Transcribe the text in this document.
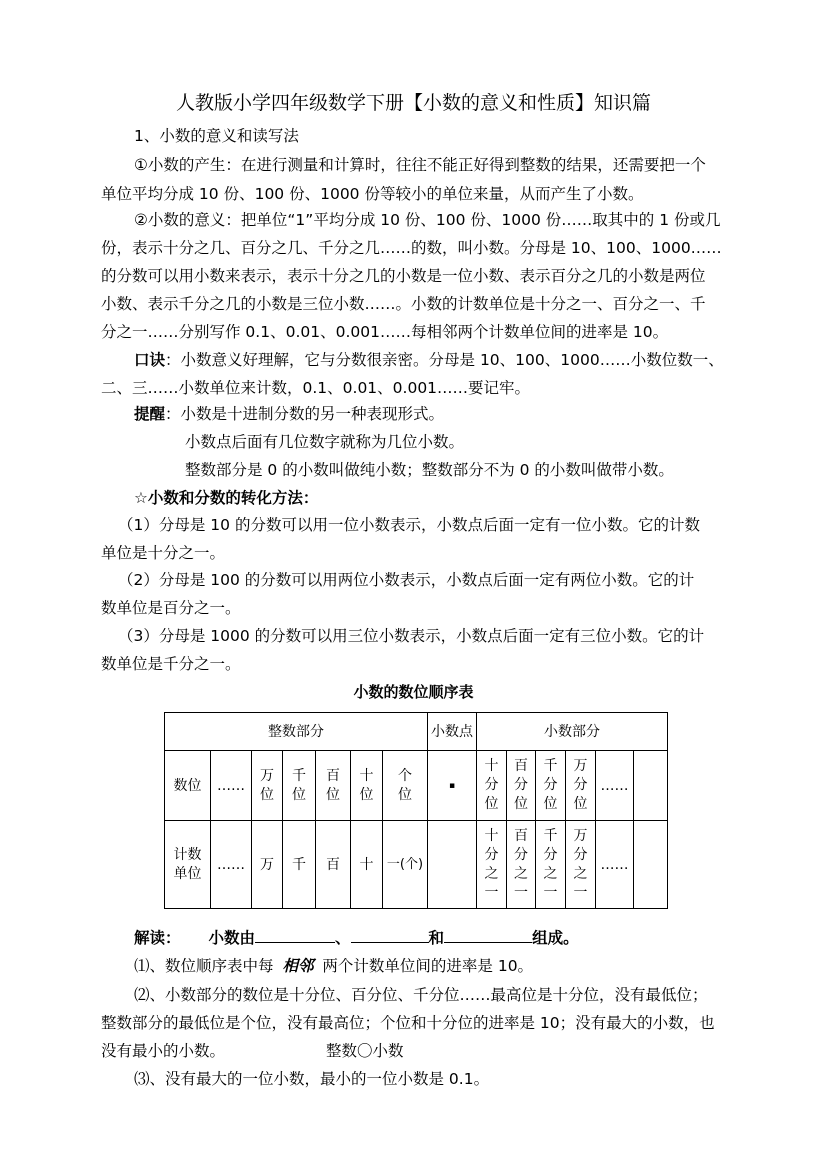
人教版小学四年级数学下册【小数的意义和性质】知识篇
1、小数的意义和读写法
①小数的产生：在进行测量和计算时，往往不能正好得到整数的结果，还需要把一个
单位平均分成 10 份、100 份、1000 份等较小的单位来量，从而产生了小数。
②小数的意义：把单位“1”平均分成 10 份、100 份、1000 份……取其中的 1 份或几
份，表示十分之几、百分之几、千分之几……的数，叫小数。分母是 10、100、1000……
的分数可以用小数来表示，表示十分之几的小数是一位小数、表示百分之几的小数是两位
小数、表示千分之几的小数是三位小数……。小数的计数单位是十分之一、百分之一、千
分之一……分别写作 0.1、0.01、0.001……每相邻两个计数单位间的进率是 10。
口诀：小数意义好理解，它与分数很亲密。分母是 10、100、1000……小数位数一、
二、三……小数单位来计数，0.1、0.01、0.001……要记牢。
提醒：小数是十进制分数的另一种表现形式。
小数点后面有几位数字就称为几位小数。
整数部分是 0 的小数叫做纯小数；整数部分不为 0 的小数叫做带小数。
☆小数和分数的转化方法：
（1）分母是 10 的分数可以用一位小数表示，小数点后面一定有一位小数。它的计数
单位是十分之一。
（2）分母是 100 的分数可以用两位小数表示，小数点后面一定有两位小数。它的计
数单位是百分之一。
（3）分母是 1000 的分数可以用三位小数表示，小数点后面一定有三位小数。它的计
数单位是千分之一。
小数的数位顺序表
整数部分							小数点	小数部分					
数位	……	万位	千位	百位	十位	个位	▪	十分位	百分位	千分位	万分位	……	
计数单位	……	万	千	百	十	一(个)		十分之一	百分之一	千分之一	万分之一	……	
解读： 小数由	、	和	组成。
⑴、数位顺序表中每 相邻 两个计数单位间的进率是 10。
⑵、小数部分的数位是十分位、百分位、千分位……最高位是十分位，没有最低位；
整数部分的最低位是个位，没有最高位；个位和十分位的进率是 10；没有最大的小数，也
没有最小的小数。	整数〇小数
⑶、没有最大的一位小数，最小的一位小数是 0.1。
